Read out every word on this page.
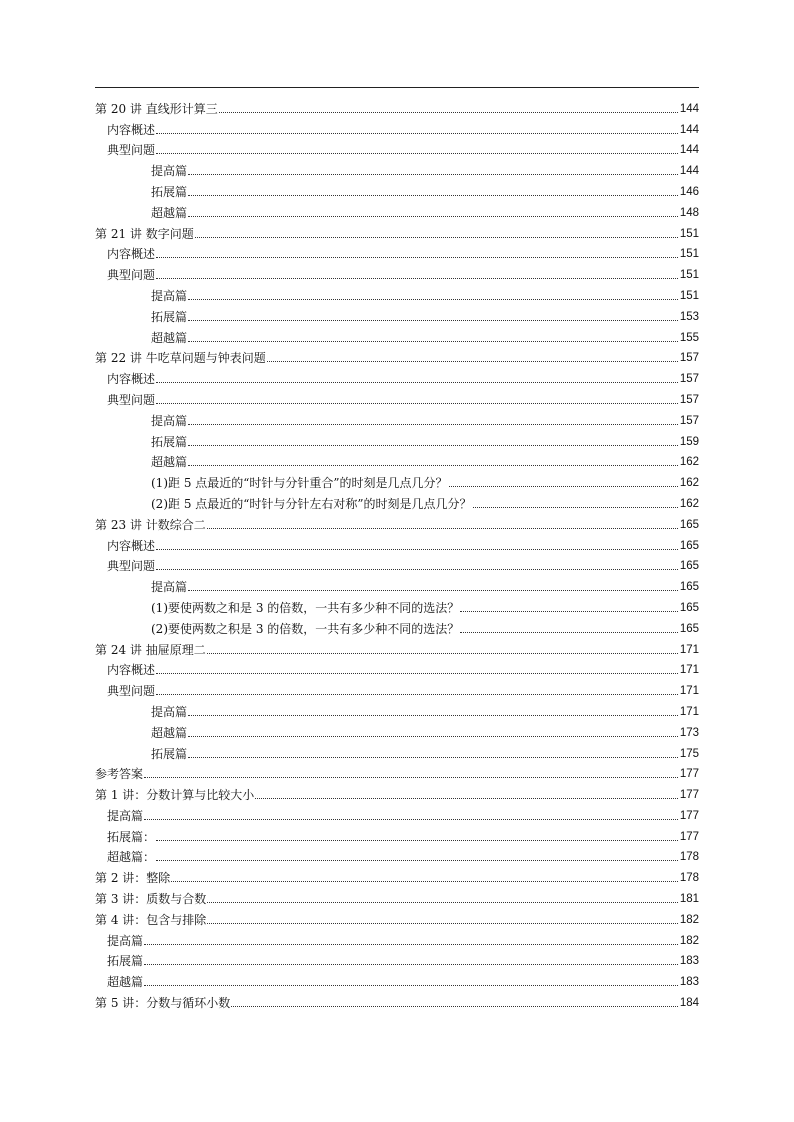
第 20 讲 直线形计算三	144
内容概述	144
典型问题	144
提高篇	144
拓展篇	146
超越篇	148
第 21 讲 数字问题	151
内容概述	151
典型问题	151
提高篇	151
拓展篇	153
超越篇	155
第 22 讲 牛吃草问题与钟表问题	157
内容概述	157
典型问题	157
提高篇	157
拓展篇	159
超越篇	162
(1)距 5 点最近的“时针与分针重合”的时刻是几点几分？	162
(2)距 5 点最近的“时针与分针左右对称”的时刻是几点几分？	162
第 23 讲 计数综合二	165
内容概述	165
典型问题	165
提高篇	165
(1)要使两数之和是 3 的倍数，一共有多少种不同的选法？	165
(2)要使两数之积是 3 的倍数，一共有多少种不同的选法？	165
第 24 讲 抽屉原理二	171
内容概述	171
典型问题	171
提高篇	171
超越篇	173
拓展篇	175
参考答案	177
第 1 讲：分数计算与比较大小	177
提高篇	177
拓展篇：	177
超越篇：	178
第 2 讲：整除	178
第 3 讲：质数与合数	181
第 4 讲：包含与排除	182
提高篇	182
拓展篇	183
超越篇	183
第 5 讲：分数与循环小数	184
